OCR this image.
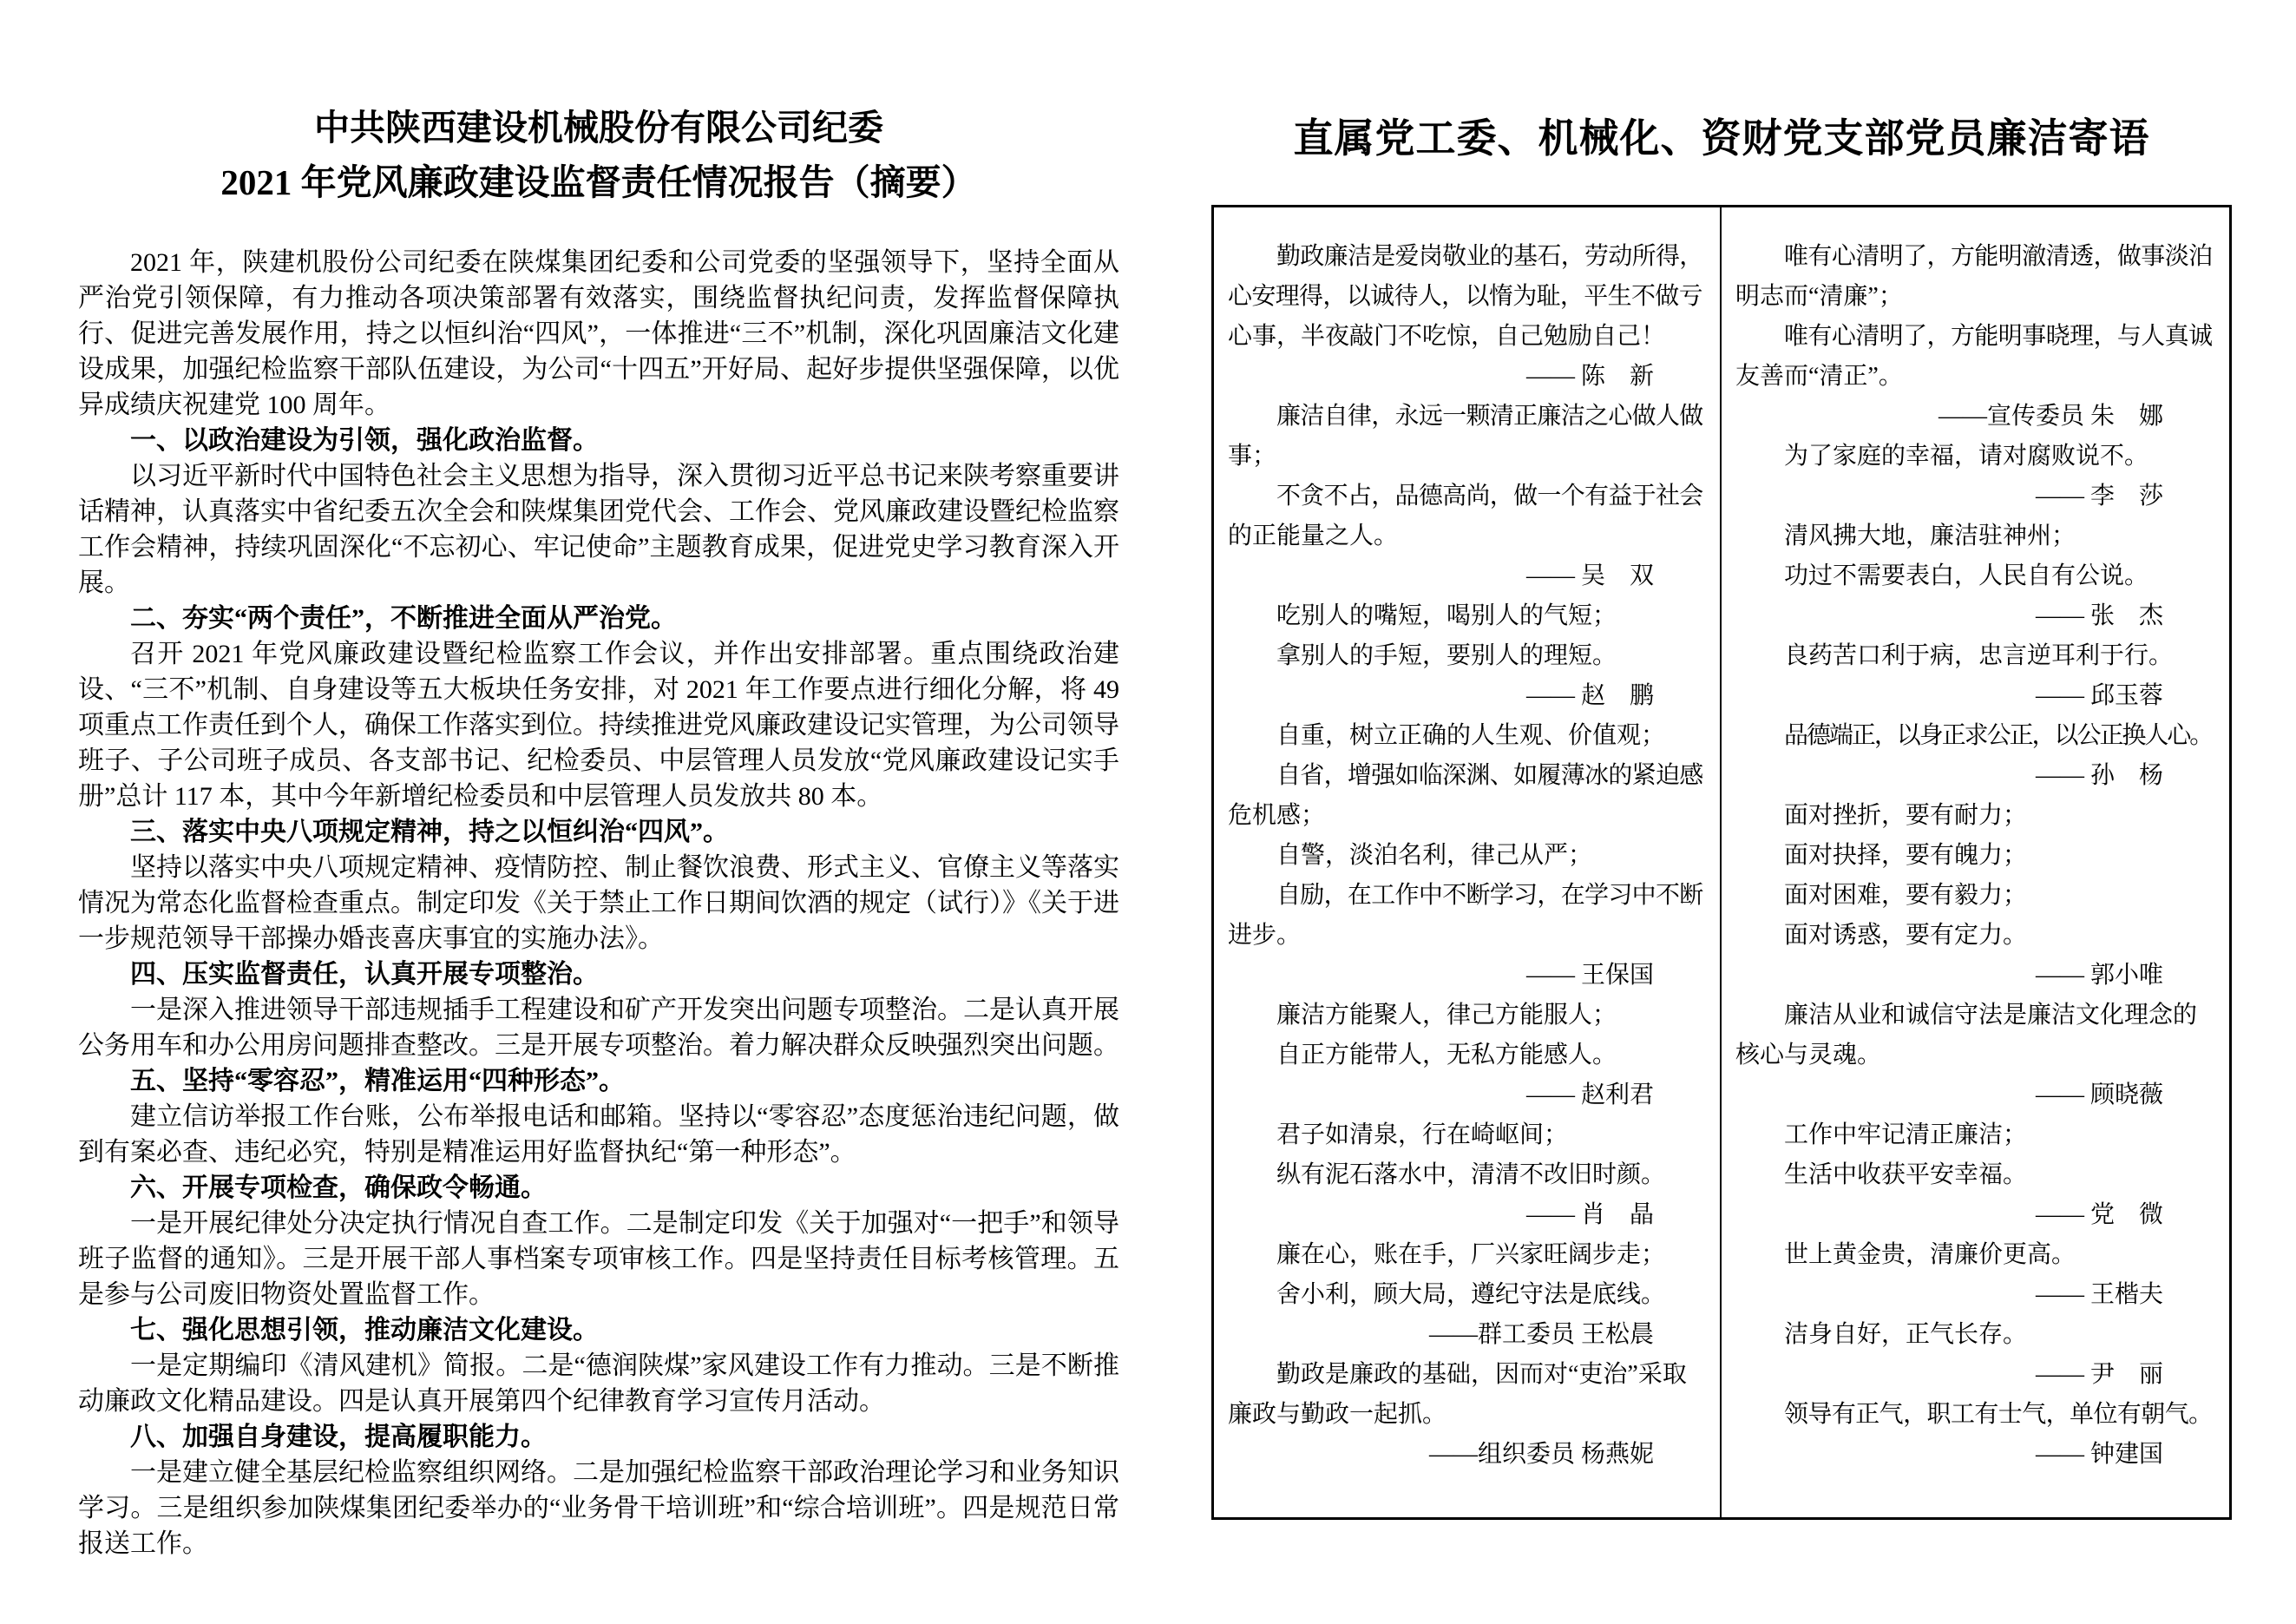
中共陕西建设机械股份有限公司纪委
2021 年党风廉政建设监督责任情况报告（摘要）
2021 年，陕建机股份公司纪委在陕煤集团纪委和公司党委的坚强领导下，坚持全面从严治党引领保障，有力推动各项决策部署有效落实，围绕监督执纪问责，发挥监督保障执行、促进完善发展作用，持之以恒纠治“四风”，一体推进“三不”机制，深化巩固廉洁文化建设成果，加强纪检监察干部队伍建设，为公司“十四五”开好局、起好步提供坚强保障，以优异成绩庆祝建党 100 周年。
一、以政治建设为引领，强化政治监督。
以习近平新时代中国特色社会主义思想为指导，深入贯彻习近平总书记来陕考察重要讲话精神，认真落实中省纪委五次全会和陕煤集团党代会、工作会、党风廉政建设暨纪检监察工作会精神，持续巩固深化“不忘初心、牢记使命”主题教育成果，促进党史学习教育深入开展。
二、夯实“两个责任”，不断推进全面从严治党。
召开 2021 年党风廉政建设暨纪检监察工作会议，并作出安排部署。重点围绕政治建设、“三不”机制、自身建设等五大板块任务安排，对 2021 年工作要点进行细化分解，将 49 项重点工作责任到个人，确保工作落实到位。持续推进党风廉政建设记实管理，为公司领导班子、子公司班子成员、各支部书记、纪检委员、中层管理人员发放“党风廉政建设记实手册”总计 117 本，其中今年新增纪检委员和中层管理人员发放共 80 本。
三、落实中央八项规定精神，持之以恒纠治“四风”。
坚持以落实中央八项规定精神、疫情防控、制止餐饮浪费、形式主义、官僚主义等落实情况为常态化监督检查重点。制定印发《关于禁止工作日期间饮酒的规定（试行）》《关于进一步规范领导干部操办婚丧喜庆事宜的实施办法》。
四、压实监督责任，认真开展专项整治。
一是深入推进领导干部违规插手工程建设和矿产开发突出问题专项整治。二是认真开展公务用车和办公用房问题排查整改。三是开展专项整治。着力解决群众反映强烈突出问题。
五、坚持“零容忍”，精准运用“四种形态”。
建立信访举报工作台账，公布举报电话和邮箱。坚持以“零容忍”态度惩治违纪问题，做到有案必查、违纪必究，特别是精准运用好监督执纪“第一种形态”。
六、开展专项检查，确保政令畅通。
一是开展纪律处分决定执行情况自查工作。二是制定印发《关于加强对“一把手”和领导班子监督的通知》。三是开展干部人事档案专项审核工作。四是坚持责任目标考核管理。五是参与公司废旧物资处置监督工作。
七、强化思想引领，推动廉洁文化建设。
一是定期编印《清风建机》简报。二是“德润陕煤”家风建设工作有力推动。三是不断推动廉政文化精品建设。四是认真开展第四个纪律教育学习宣传月活动。
八、加强自身建设，提高履职能力。
一是建立健全基层纪检监察组织网络。二是加强纪检监察干部政治理论学习和业务知识学习。三是组织参加陕煤集团纪委举办的“业务骨干培训班”和“综合培训班”。四是规范日常报送工作。
直属党工委、机械化、资财党支部党员廉洁寄语
勤政廉洁是爱岗敬业的基石，劳动所得，
心安理得，以诚待人，以惰为耻，平生不做亏
心事，半夜敲门不吃惊，自己勉励自己！
—— 陈　新
廉洁自律，永远一颗清正廉洁之心做人做
事；
不贪不占，品德高尚，做一个有益于社会
的正能量之人。
—— 吴　双
吃别人的嘴短，喝别人的气短；
拿别人的手短，要别人的理短。
—— 赵　鹏
自重，树立正确的人生观、价值观；
自省，增强如临深渊、如履薄冰的紧迫感
危机感；
自警，淡泊名利，律己从严；
自励，在工作中不断学习，在学习中不断
进步。
—— 王保国
廉洁方能聚人，律己方能服人；
自正方能带人，无私方能感人。
—— 赵利君
君子如清泉，行在崎岖间；
纵有泥石落水中，清清不改旧时颜。
—— 肖　晶
廉在心，账在手，厂兴家旺阔步走；
舍小利，顾大局，遵纪守法是底线。
——群工委员 王松晨
勤政是廉政的基础，因而对“吏治”采取
廉政与勤政一起抓。
——组织委员 杨燕妮
唯有心清明了，方能明澈清透，做事淡泊
明志而“清廉”；
唯有心清明了，方能明事晓理，与人真诚
友善而“清正”。
——宣传委员 朱　娜
为了家庭的幸福，请对腐败说不。
—— 李　莎
清风拂大地，廉洁驻神州；
功过不需要表白，人民自有公说。
—— 张　杰
良药苦口利于病，忠言逆耳利于行。
—— 邱玉蓉
品德端正，以身正求公正，以公正换人心。
—— 孙　杨
面对挫折，要有耐力；
面对抉择，要有魄力；
面对困难，要有毅力；
面对诱惑，要有定力。
—— 郭小唯
廉洁从业和诚信守法是廉洁文化理念的
核心与灵魂。
—— 顾晓薇
工作中牢记清正廉洁；
生活中收获平安幸福。
—— 党　微
世上黄金贵，清廉价更高。
—— 王楷夫
洁身自好，正气长存。
—— 尹　丽
领导有正气，职工有士气，单位有朝气。
—— 钟建国
